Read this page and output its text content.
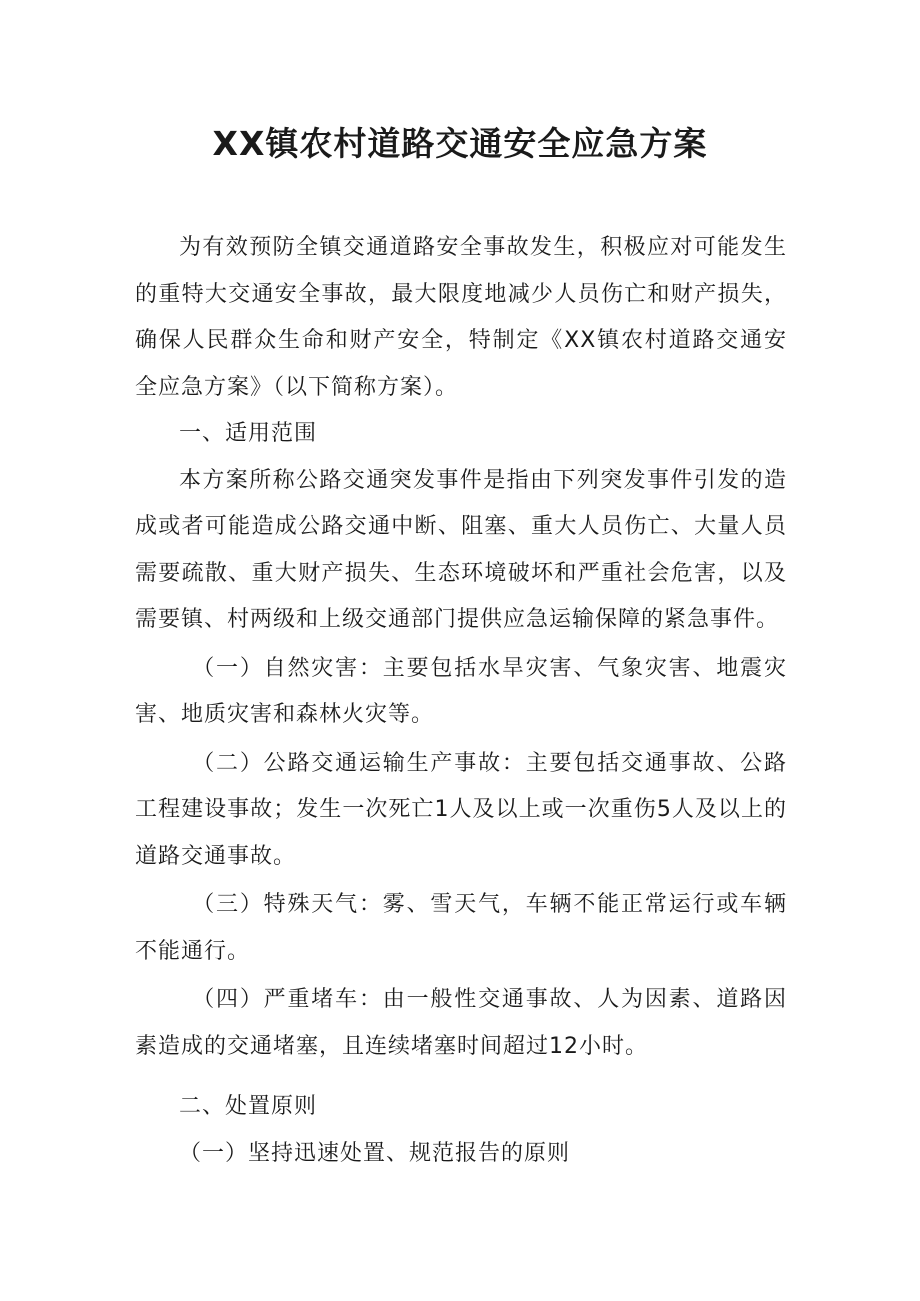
XX镇农村道路交通安全应急方案

为有效预防全镇交通道路安全事故发生，积极应对可能发生的重特大交通安全事故，最大限度地减少人员伤亡和财产损失，确保人民群众生命和财产安全，特制定《XX镇农村道路交通安全应急方案》（以下简称方案）。

一、适用范围

本方案所称公路交通突发事件是指由下列突发事件引发的造成或者可能造成公路交通中断、阻塞、重大人员伤亡、大量人员需要疏散、重大财产损失、生态环境破坏和严重社会危害，以及需要镇、村两级和上级交通部门提供应急运输保障的紧急事件。

（一）自然灾害：主要包括水旱灾害、气象灾害、地震灾害、地质灾害和森林火灾等。

（二）公路交通运输生产事故：主要包括交通事故、公路工程建设事故；发生一次死亡1人及以上或一次重伤5人及以上的道路交通事故。

（三）特殊天气：雾、雪天气，车辆不能正常运行或车辆不能通行。

（四）严重堵车：由一般性交通事故、人为因素、道路因素造成的交通堵塞，且连续堵塞时间超过12小时。

二、处置原则

（一）坚持迅速处置、规范报告的原则
